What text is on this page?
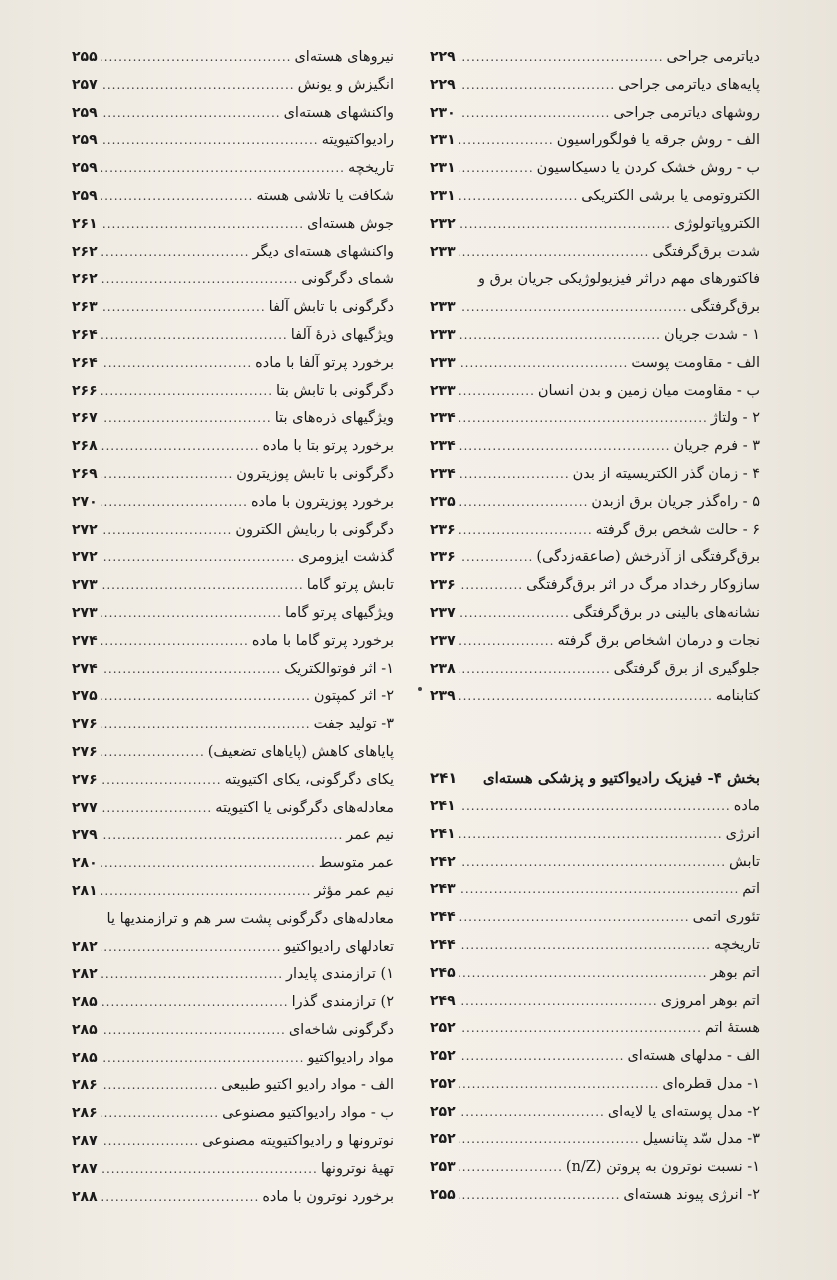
دیاترمی جراحی
.....
۲۲۹
پایه‌های دیاترمی جراحی
.....
۲۲۹
روشهای دیاترمی جراحی
.....
۲۳۰
الف - روش جرقه یا فولگوراسیون
.....
۲۳۱
ب - روش خشک کردن یا دسیکاسیون
.....
۲۳۱
الکتروتومی یا برشی الکتریکی
.....
۲۳۱
الکتروپاتولوژی
.....
۲۳۲
شدت برق‌گرفتگی
.....
۲۳۳
فاکتورهای مهم دراثر فیزیولوژیکی جریان برق و
برق‌گرفتگی
.....
۲۳۳
۱ - شدت جریان
.....
۲۳۳
الف - مقاومت پوست
.....
۲۳۳
ب - مقاومت میان زمین و بدن انسان
.....
۲۳۳
۲ - ولتاژ
.....
۲۳۴
۳ - فرم جریان
.....
۲۳۴
۴ - زمان گذر الکتریسیته از بدن
.....
۲۳۴
۵ - راه‌گذر جریان برق ازبدن
.....
۲۳۵
۶ - حالت شخص برق گرفته
.....
۲۳۶
برق‌گرفتگی از آذرخش (صاعقه‌زدگی)
.....
۲۳۶
سازوکار رخداد مرگ در اثر برق‌گرفتگی
.....
۲۳۶
نشانه‌های بالینی در برق‌گرفتگی
.....
۲۳۷
نجات و درمان اشخاص برق گرفته
.....
۲۳۷
جلوگیری از برق گرفتگی
.....
۲۳۸
کتابنامه
.....
۲۳۹
بخش ۴- فیزیک رادیواکتیو و پزشکی هسته‌ای
۲۴۱
ماده
.....
۲۴۱
انرژی
.....
۲۴۱
تابش
.....
۲۴۲
اتم
.....
۲۴۳
تئوری اتمی
.....
۲۴۴
تاریخچه
.....
۲۴۴
اتم بوهر
.....
۲۴۵
اتم بوهر امروزی
.....
۲۴۹
هستهٔ اتم
.....
۲۵۲
الف - مدلهای هسته‌ای
.....
۲۵۲
۱- مدل قطره‌ای
.....
۲۵۲
۲- مدل پوسته‌ای یا لایه‌ای
.....
۲۵۲
۳- مدل سّد پتانسیل
.....
۲۵۲
۱- نسبت نوترون به پروتن (n/Z)
.....
۲۵۳
۲- انرژی پیوند هسته‌ای
.....
۲۵۵
نیروهای هسته‌ای
.....
۲۵۵
انگیزش و یونش
.....
۲۵۷
واکنشهای هسته‌ای
.....
۲۵۹
رادیواکتیویته
.....
۲۵۹
تاریخچه
.....
۲۵۹
شکافت یا تلاشی هسته
.....
۲۵۹
جوش هسته‌ای
.....
۲۶۱
واکنشهای هسته‌ای دیگر
.....
۲۶۲
شمای دگرگونی
.....
۲۶۲
دگرگونی با تابش آلفا
.....
۲۶۳
ویژگیهای ذرهٔ آلفا
.....
۲۶۴
برخورد پرتو آلفا با ماده
.....
۲۶۴
دگرگونی با تابش بتا
.....
۲۶۶
ویژگیهای ذره‌های بتا
.....
۲۶۷
برخورد پرتو بتا با ماده
.....
۲۶۸
دگرگونی با تابش پوزیترون
.....
۲۶۹
برخورد پوزیترون با ماده
.....
۲۷۰
دگرگونی با ربایش الکترون
.....
۲۷۲
گذشت ایزومری
.....
۲۷۲
تابش پرتو گاما
.....
۲۷۳
ویژگیهای پرتو گاما
.....
۲۷۳
برخورد پرتو گاما با ماده
.....
۲۷۴
۱- اثر فوتوالکتریک
.....
۲۷۴
۲- اثر کمپتون
.....
۲۷۵
۳- تولید جفت
.....
۲۷۶
پایاهای کاهش (پایاهای تضعیف)
.....
۲۷۶
یکای دگرگونی، یکای اکتیویته
.....
۲۷۶
معادله‌های دگرگونی یا اکتیویته
.....
۲۷۷
نیم عمر
.....
۲۷۹
عمر متوسط
.....
۲۸۰
نیم عمر مؤثر
.....
۲۸۱
معادله‌های دگرگونی پشت سر هم و ترازمندیها یا
تعادلهای رادیواکتیو
.....
۲۸۲
۱) ترازمندی پایدار
.....
۲۸۲
۲) ترازمندی گذرا
.....
۲۸۵
دگرگونی شاخه‌ای
.....
۲۸۵
مواد رادیواکتیو
.....
۲۸۵
الف - مواد رادیو اکتیو طبیعی
.....
۲۸۶
ب - مواد رادیواکتیو مصنوعی
.....
۲۸۶
نوترونها و رادیواکتیویته مصنوعی
.....
۲۸۷
تهیهٔ نوترونها
.....
۲۸۷
برخورد نوترون با ماده
.....
۲۸۸
